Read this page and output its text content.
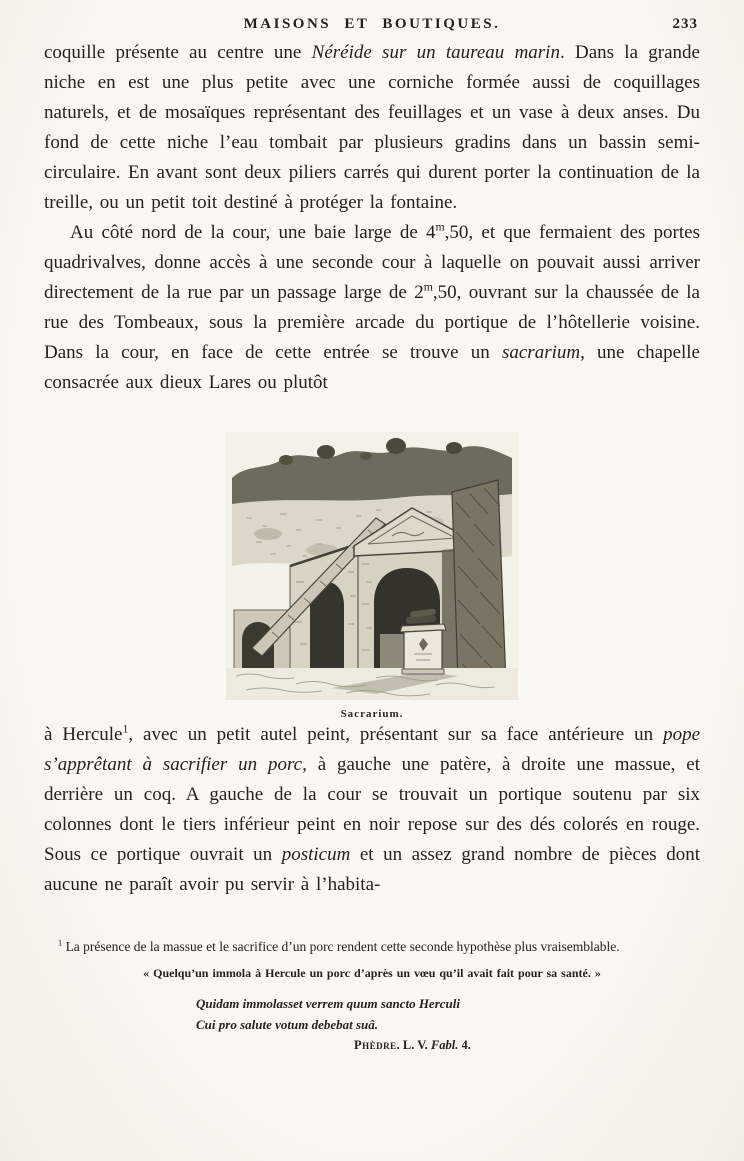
MAISONS ET BOUTIQUES.	233

coquille présente au centre une Néréide sur un taureau marin. Dans la grande niche en est une plus petite avec une corniche formée aussi de coquillages naturels, et de mosaïques représentant des feuillages et un vase à deux anses. Du fond de cette niche l’eau tombait par plusieurs gradins dans un bassin semi-circulaire. En avant sont deux piliers carrés qui durent porter la continuation de la treille, ou un petit toit destiné à protéger la fontaine.

Au côté nord de la cour, une baie large de 4$^m$,50, et que fermaient des portes quadrivalves, donne accès à une seconde cour à laquelle on pouvait aussi arriver directement de la rue par un passage large de 2$^m$,50, ouvrant sur la chaussée de la rue des Tombeaux, sous la première arcade du portique de l’hôtellerie voisine. Dans la cour, en face de cette entrée se trouve un sacrarium, une chapelle consacrée aux dieux Lares ou plutôt

Sacrarium.

à Hercule$^1$, avec un petit autel peint, présentant sur sa face antérieure un pope s’apprêtant à sacrifier un porc, à gauche une patère, à droite une massue, et derrière un coq. A gauche de la cour se trouvait un portique soutenu par six colonnes dont le tiers inférieur peint en noir repose sur des dés colorés en rouge. Sous ce portique ouvrait un posticum et un assez grand nombre de pièces dont aucune ne paraît avoir pu servir à l’habita-

$^1$ La présence de la massue et le sacrifice d’un porc rendent cette seconde hypothèse plus vraisemblable.

« Quelqu’un immola à Hercule un porc d’après un vœu qu’il avait fait pour sa santé. »

Quidam immolasset verrem quum sancto Herculi
Cui pro salute votum debebat suâ.
Phèdre. L. V. Fabl. 4.
